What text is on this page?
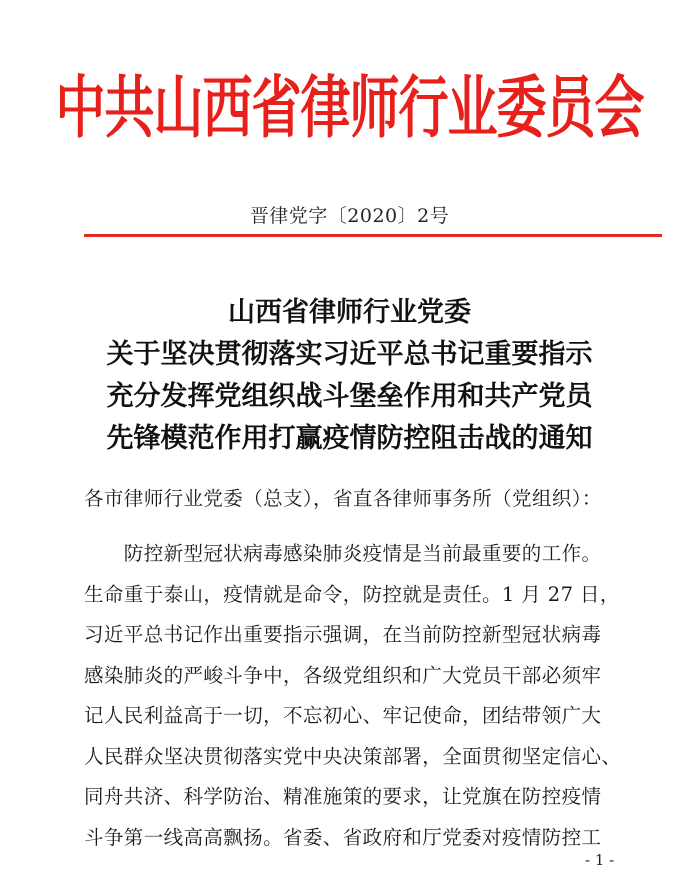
中共山西省律师行业委员会
晋律党字〔2020〕2号
山西省律师行业党委
关于坚决贯彻落实习近平总书记重要指示
充分发挥党组织战斗堡垒作用和共产党员
先锋模范作用打赢疫情防控阻击战的通知
各市律师行业党委（总支），省直各律师事务所（党组织）：
　　防控新型冠状病毒感染肺炎疫情是当前最重要的工作。
生命重于泰山，疫情就是命令，防控就是责任。1 月 27 日，
习近平总书记作出重要指示强调，在当前防控新型冠状病毒
感染肺炎的严峻斗争中，各级党组织和广大党员干部必须牢
记人民利益高于一切，不忘初心、牢记使命，团结带领广大
人民群众坚决贯彻落实党中央决策部署，全面贯彻坚定信心、
同舟共济、科学防治、精准施策的要求，让党旗在防控疫情
斗争第一线高高飘扬。省委、省政府和厅党委对疫情防控工
- 1 -
